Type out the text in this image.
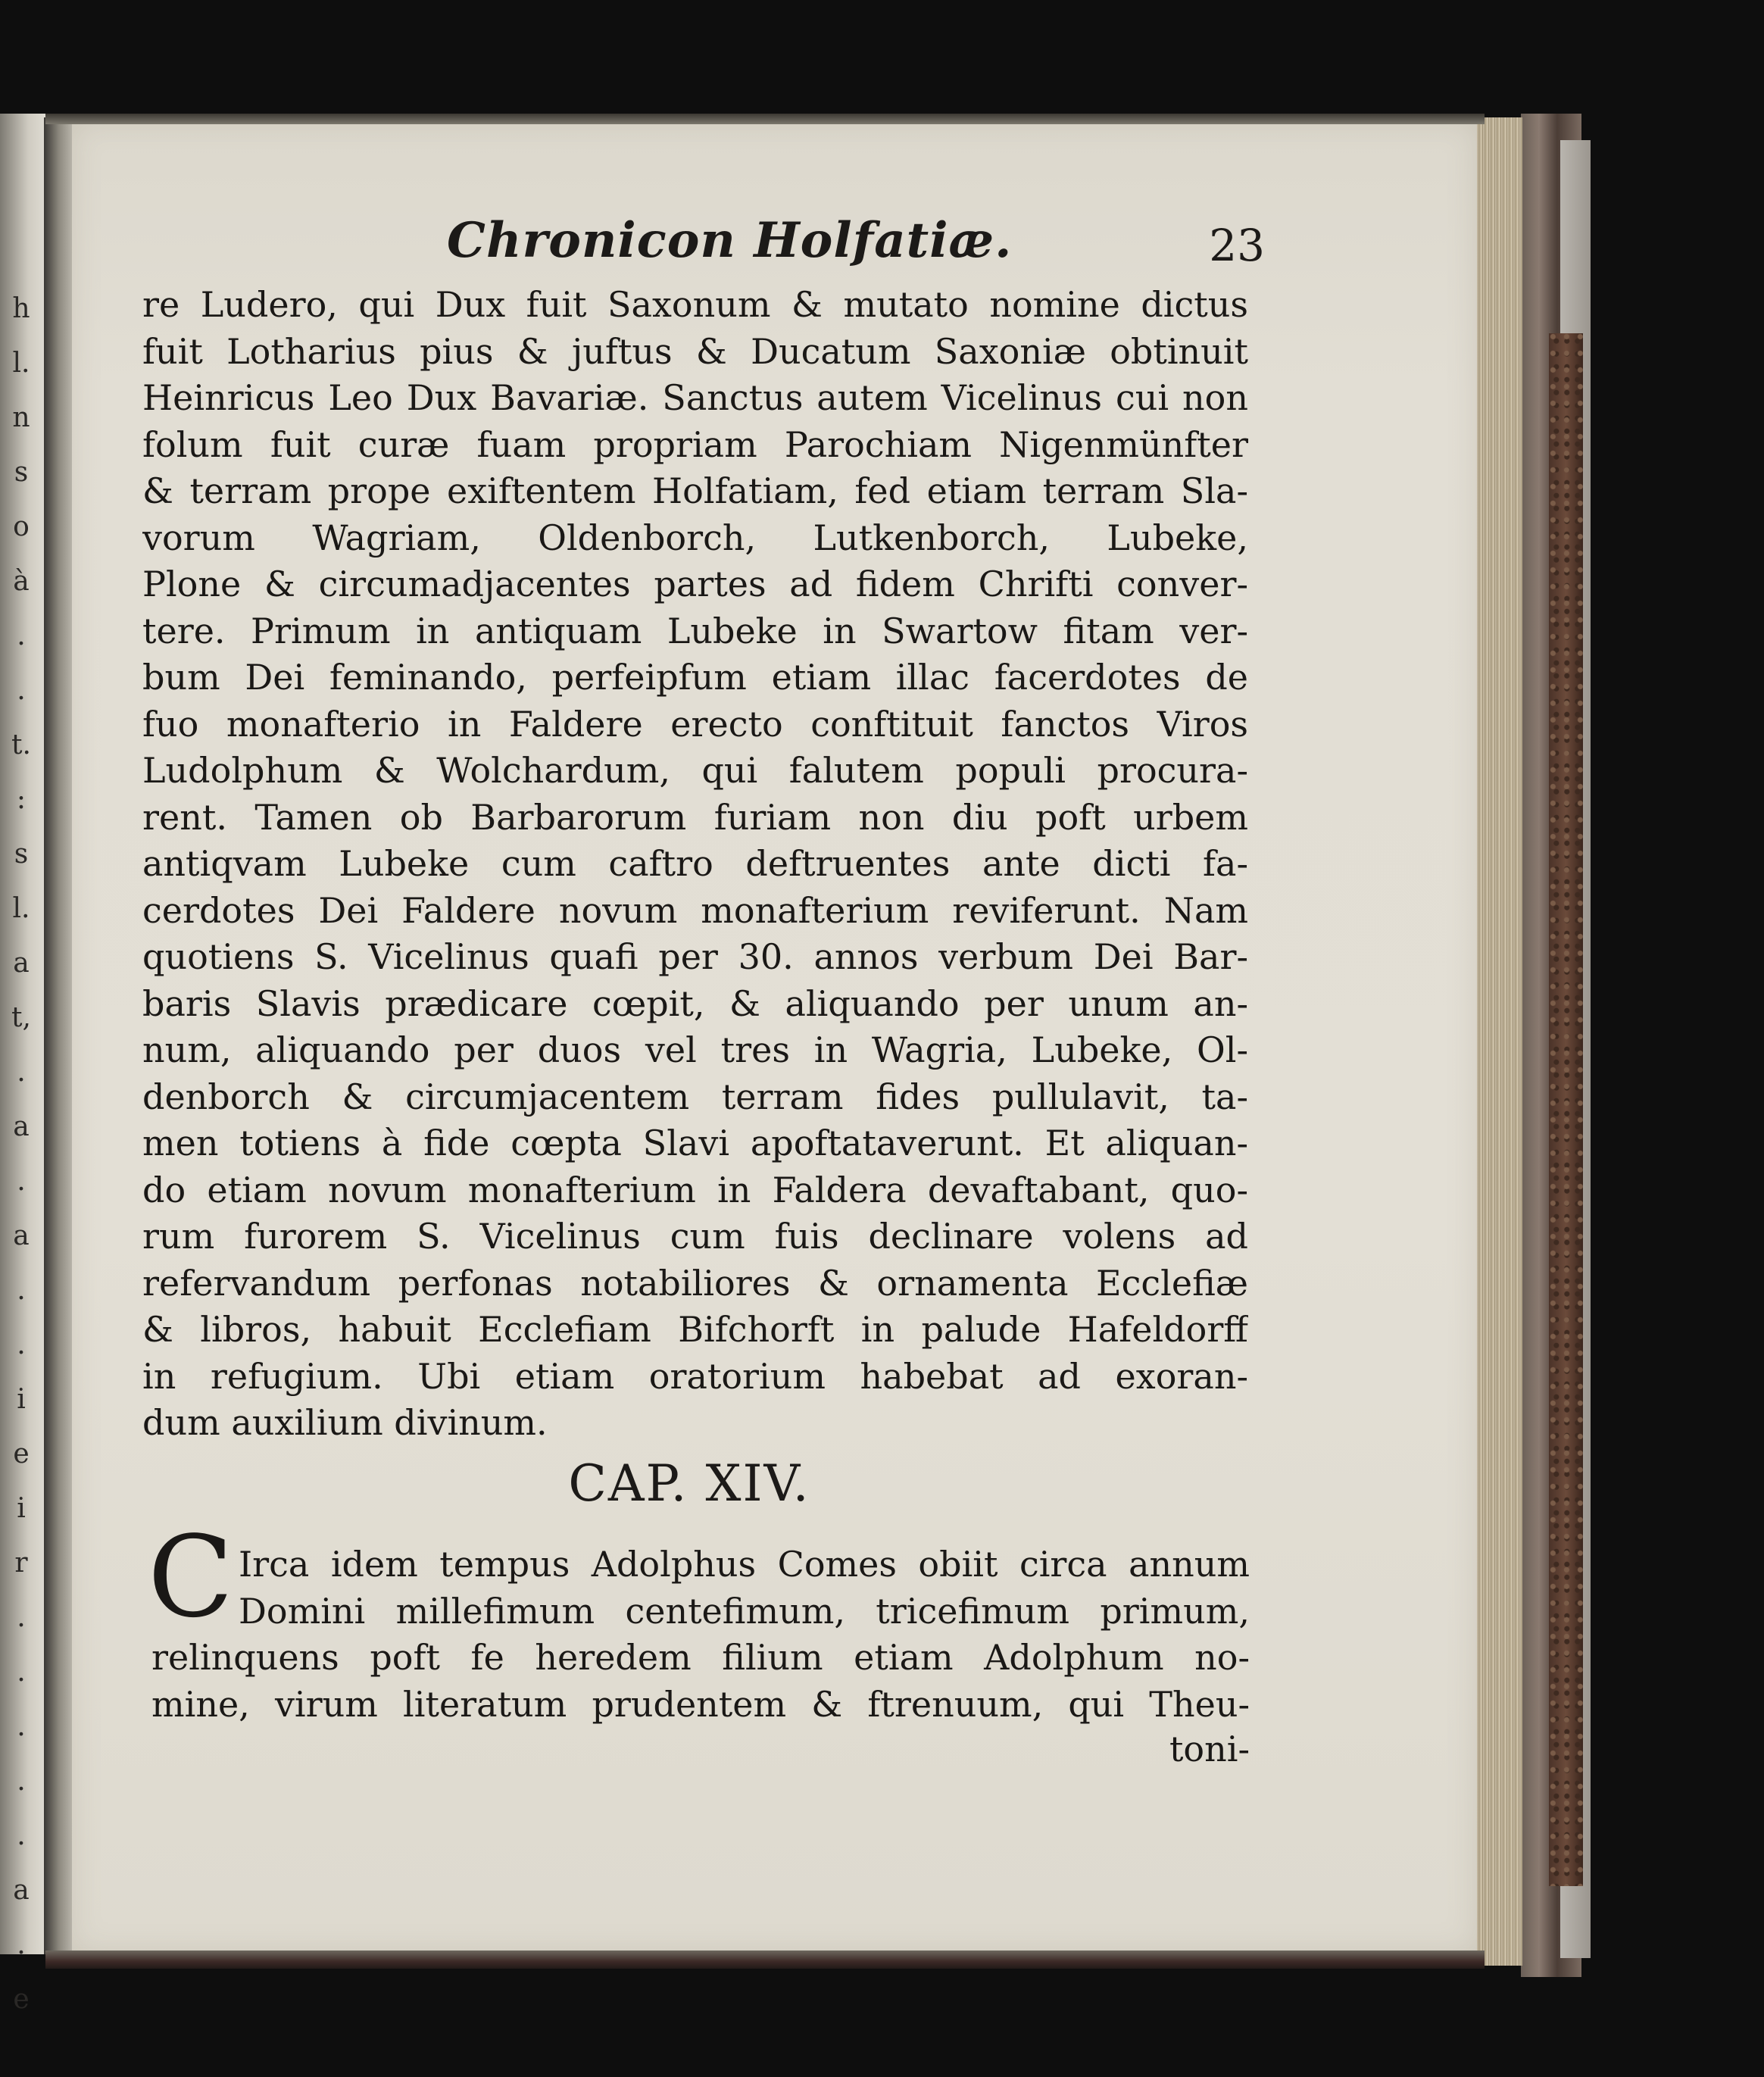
h
l.
n
s
o
à
.
.
t.
:
s
l.
a
t,
.
a
.
a
.
.
i
e
i
r
.
.
.
.
.
a
.
e
Chronicon Holfatiæ.	23
re Ludero, qui Dux fuit Saxonum & mutato nomine dictus
fuit Lotharius pius & juftus & Ducatum Saxoniæ obtinuit
Heinricus Leo Dux Bavariæ. Sanctus autem Vicelinus cui non
folum fuit curæ fuam propriam Parochiam Nigenmünfter
& terram prope exiftentem Holfatiam, fed etiam terram Sla-
vorum Wagriam, Oldenborch, Lutkenborch, Lubeke,
Plone & circumadjacentes partes ad fidem Chrifti conver-
tere. Primum in antiquam Lubeke in Swartow fitam ver-
bum Dei feminando, perfeipfum etiam illac facerdotes de
fuo monafterio in Faldere erecto conftituit fanctos Viros
Ludolphum & Wolchardum, qui falutem populi procura-
rent. Tamen ob Barbarorum furiam non diu poft urbem
antiqvam Lubeke cum caftro deftruentes ante dicti fa-
cerdotes Dei Faldere novum monafterium reviferunt. Nam
quotiens S. Vicelinus quafi per 30. annos verbum Dei Bar-
baris Slavis prædicare cœpit, & aliquando per unum an-
num, aliquando per duos vel tres in Wagria, Lubeke, Ol-
denborch & circumjacentem terram fides pullulavit, ta-
men totiens à fide cœpta Slavi apoftataverunt. Et aliquan-
do etiam novum monafterium in Faldera devaftabant, quo-
rum furorem S. Vicelinus cum fuis declinare volens ad
refervandum perfonas notabiliores & ornamenta Ecclefiæ
& libros, habuit Ecclefiam Bifchorft in palude Hafeldorff
in refugium. Ubi etiam oratorium habebat ad exoran-
dum auxilium divinum.
CAP. XIV.
C Irca idem tempus Adolphus Comes obiit circa annum
Domini millefimum centefimum, tricefimum primum,
relinquens poft fe heredem filium etiam Adolphum no-
mine, virum literatum prudentem & ftrenuum, qui Theu-
toni-
